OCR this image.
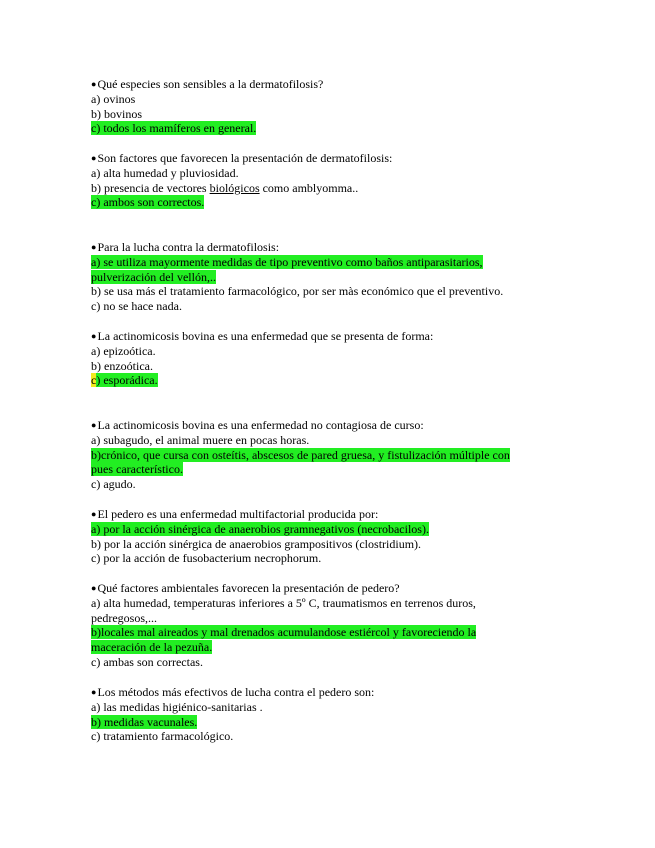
●Qué especies son sensibles a la dermatofilosis?
a) ovinos
b) bovinos
c) todos los mamíferos en general.
●Son factores que favorecen la presentación de dermatofilosis:
a) alta humedad y pluviosidad.
b) presencia de vectores biológicos como amblyomma..
c) ambos son correctos.
●Para la lucha contra la dermatofilosis:
a) se utiliza mayormente medidas de tipo preventivo como baños antiparasitarios,
pulverización del vellón,..
b) se usa más el tratamiento farmacológico, por ser màs económico que el preventivo.
c) no se hace nada.
●La actinomicosis bovina es una enfermedad que se presenta de forma:
a) epizoótica.
b) enzoótica.
c) esporádica.
●La actinomicosis bovina es una enfermedad no contagiosa de curso:
a) subagudo, el animal muere en pocas horas.
b)crónico, que cursa con osteítis, abscesos de pared gruesa, y fistulización múltiple con
pues característico.
c) agudo.
●El pedero es una enfermedad multifactorial producida por:
a) por la acción sinérgica de anaerobios gramnegativos (necrobacilos).
b) por la acción sinérgica de anaerobios grampositivos (clostridium).
c) por la acción de fusobacterium necrophorum.
●Qué factores ambientales favorecen la presentación de pedero?
a) alta humedad, temperaturas inferiores a 5º C, traumatismos en terrenos duros,
pedregosos,...
b)locales mal aireados y mal drenados acumulandose estiércol y favoreciendo la
maceración de la pezuña.
c) ambas son correctas.
●Los métodos más efectivos de lucha contra el pedero son:
a) las medidas higiénico-sanitarias .
b) medidas vacunales.
c) tratamiento farmacológico.
